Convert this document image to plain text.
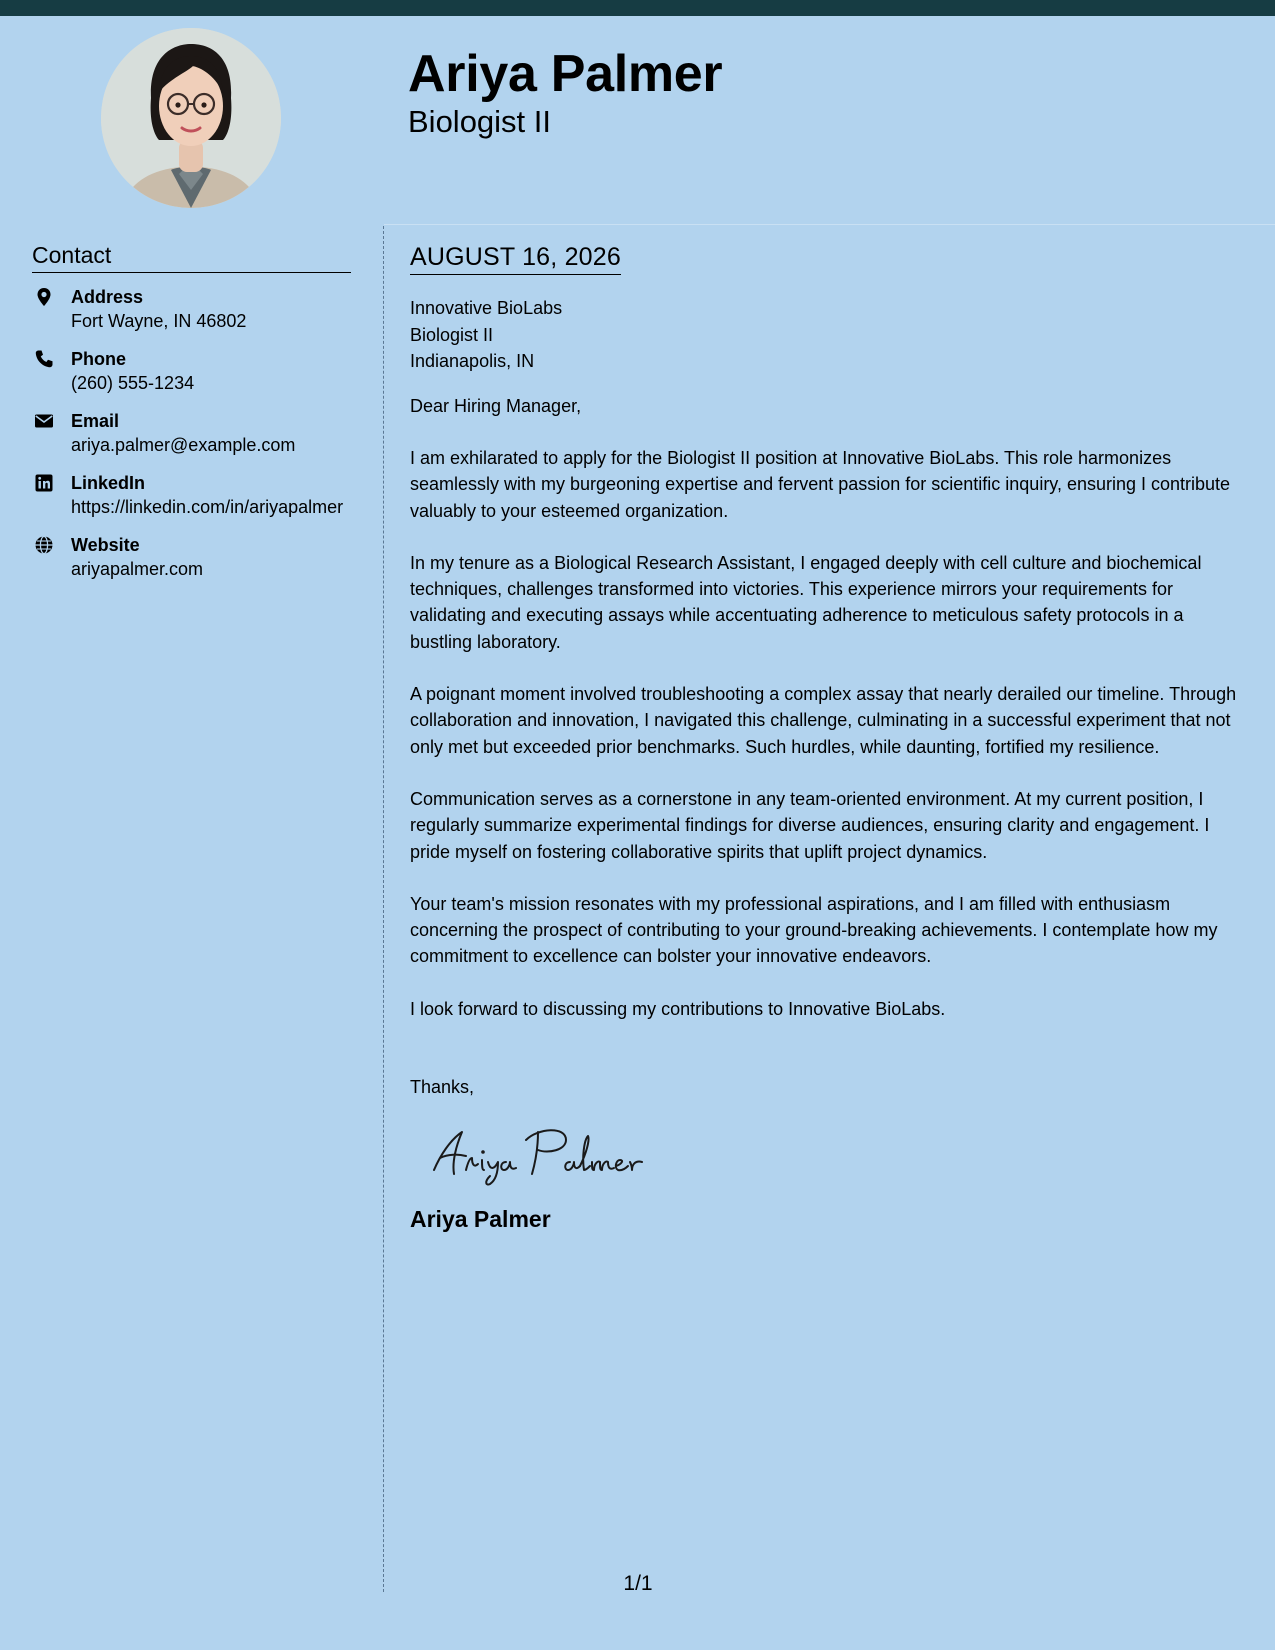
Ariya Palmer
Biologist II
Contact
Address
Fort Wayne, IN 46802
Phone
(260) 555-1234
Email
ariya.palmer@example.com
LinkedIn
https://linkedin.com/in/ariyapalmer
Website
ariyapalmer.com
AUGUST 16, 2026
Innovative BioLabs
Biologist II
Indianapolis, IN
Dear Hiring Manager,

I am exhilarated to apply for the Biologist II position at Innovative BioLabs. This role harmonizes seamlessly with my burgeoning expertise and fervent passion for scientific inquiry, ensuring I contribute valuably to your esteemed organization.

In my tenure as a Biological Research Assistant, I engaged deeply with cell culture and biochemical techniques, challenges transformed into victories. This experience mirrors your requirements for validating and executing assays while accentuating adherence to meticulous safety protocols in a bustling laboratory.

A poignant moment involved troubleshooting a complex assay that nearly derailed our timeline. Through collaboration and innovation, I navigated this challenge, culminating in a successful experiment that not only met but exceeded prior benchmarks. Such hurdles, while daunting, fortified my resilience.

Communication serves as a cornerstone in any team-oriented environment. At my current position, I regularly summarize experimental findings for diverse audiences, ensuring clarity and engagement. I pride myself on fostering collaborative spirits that uplift project dynamics.

Your team's mission resonates with my professional aspirations, and I am filled with enthusiasm concerning the prospect of contributing to your ground-breaking achievements. I contemplate how my commitment to excellence can bolster your innovative endeavors.

I look forward to discussing my contributions to Innovative BioLabs.

Thanks,
Ariya Palmer
1/1
